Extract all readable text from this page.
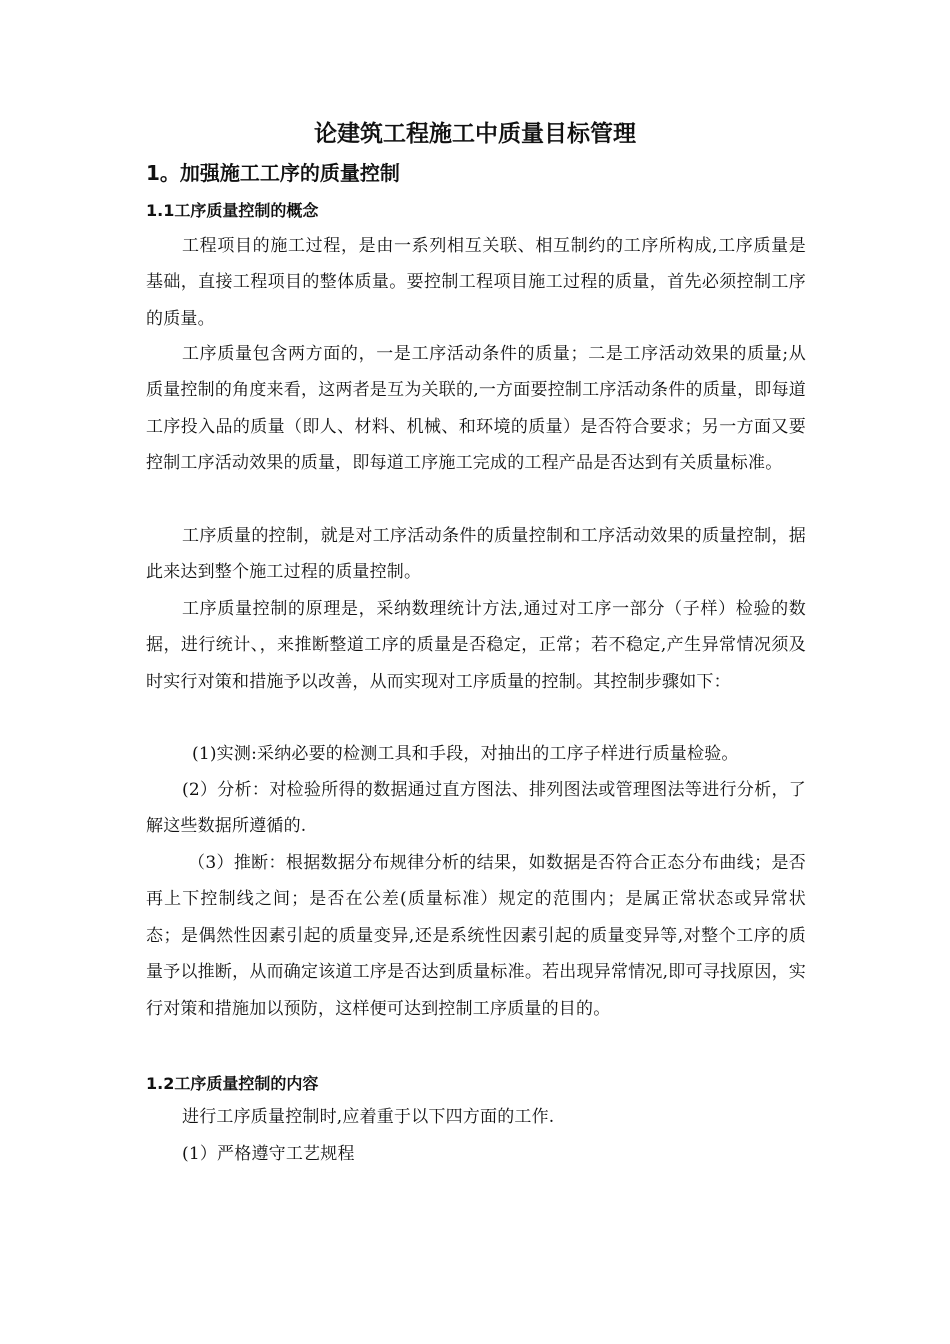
论建筑工程施工中质量目标管理
1。加强施工工序的质量控制
1.1工序质量控制的概念

工程项目的施工过程，是由一系列相互关联、相互制约的工序所构成,工序质量是基础，直接工程项目的整体质量。要控制工程项目施工过程的质量，首先必须控制工序的质量。

工序质量包含两方面的，一是工序活动条件的质量；二是工序活动效果的质量;从质量控制的角度来看，这两者是互为关联的,一方面要控制工序活动条件的质量，即每道工序投入品的质量（即人、材料、机械、和环境的质量）是否符合要求；另一方面又要控制工序活动效果的质量，即每道工序施工完成的工程产品是否达到有关质量标准。

工序质量的控制，就是对工序活动条件的质量控制和工序活动效果的质量控制，据此来达到整个施工过程的质量控制。

工序质量控制的原理是，采纳数理统计方法,通过对工序一部分（子样）检验的数据，进行统计、，来推断整道工序的质量是否稳定，正常；若不稳定,产生异常情况须及时实行对策和措施予以改善，从而实现对工序质量的控制。其控制步骤如下：

(1)实测:采纳必要的检测工具和手段，对抽出的工序子样进行质量检验。

(2）分析：对检验所得的数据通过直方图法、排列图法或管理图法等进行分析，了解这些数据所遵循的.

（3）推断：根据数据分布规律分析的结果，如数据是否符合正态分布曲线；是否再上下控制线之间；是否在公差(质量标准）规定的范围内；是属正常状态或异常状态；是偶然性因素引起的质量变异,还是系统性因素引起的质量变异等,对整个工序的质量予以推断，从而确定该道工序是否达到质量标准。若出现异常情况,即可寻找原因，实行对策和措施加以预防，这样便可达到控制工序质量的目的。

1.2工序质量控制的内容

进行工序质量控制时,应着重于以下四方面的工作.

(1）严格遵守工艺规程
